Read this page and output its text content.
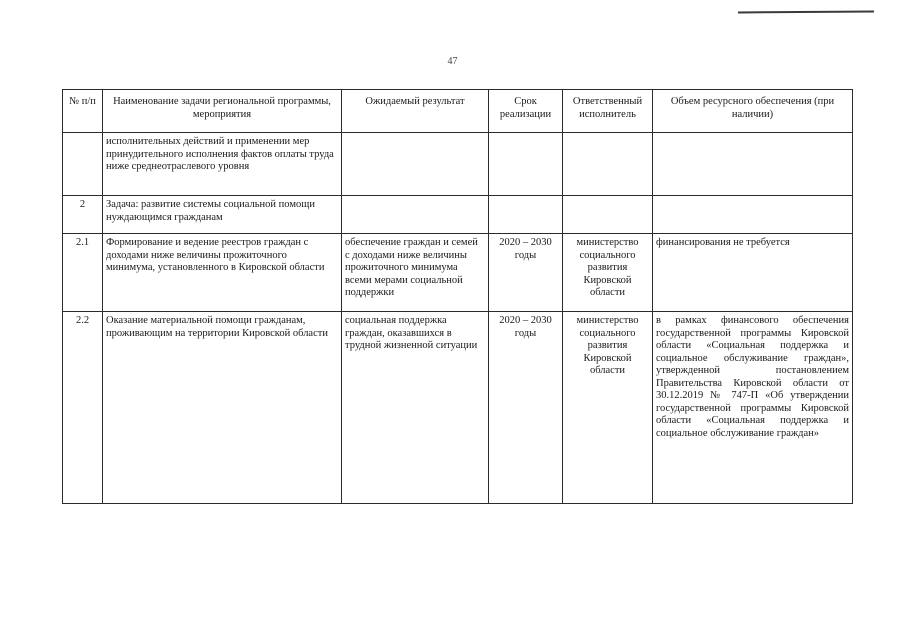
47
№ п/п	Наименование задачи региональной программы, мероприятия	Ожидаемый результат	Срок реализации	Ответственный исполнитель	Объем ресурсного обеспечения (при наличии)
	исполнительных действий и применении мер принудительного исполнения фактов оплаты труда ниже среднеотраслевого уровня				
2	Задача: развитие системы социальной помощи нуждающимся гражданам				
2.1	Формирование и ведение реестров граждан с доходами ниже величины прожиточного минимума, установленного в Кировской области	обеспечение граждан и семей с доходами ниже величины прожиточного минимума всеми мерами социальной поддержки	2020 – 2030 годы	министерство социального развития Кировской области	финансирования не требуется
2.2	Оказание материальной помощи гражданам, проживающим на территории Кировской области	социальная поддержка граждан, оказавшихся в трудной жизненной ситуации	2020 – 2030 годы	министерство социального развития Кировской области	в рамках финансового обеспечения государственной программы Кировской области «Социальная поддержка и социальное обслуживание граждан», утвержденной постановлением Правительства Кировской области от 30.12.2019 № 747-П «Об утверждении государственной программы Кировской области «Социальная поддержка и социальное обслуживание граждан»
